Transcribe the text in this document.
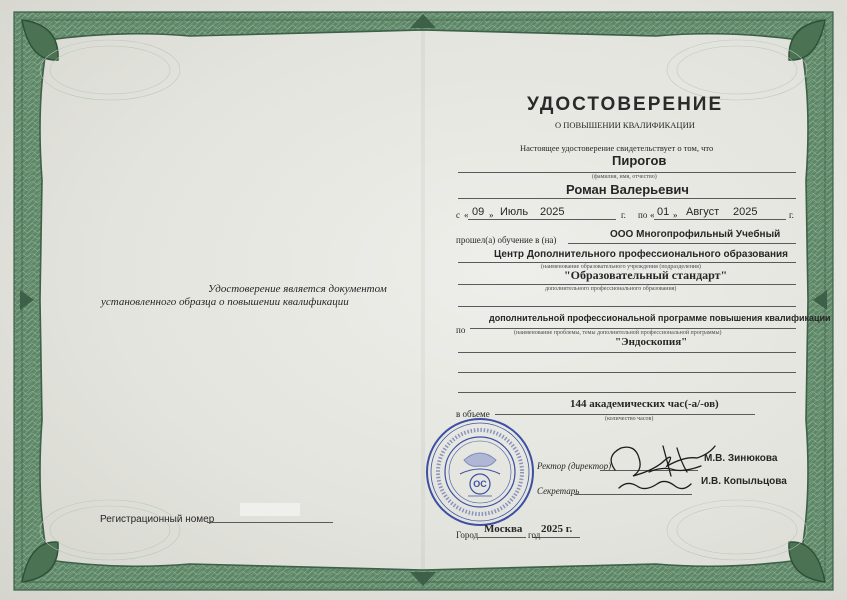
Удостоверение является документом
установленного образца о повышении квалификации
Регистрационный номер
УДОСТОВЕРЕНИЕ
О ПОВЫШЕНИИ КВАЛИФИКАЦИИ
Настоящее удостоверение свидетельствует о том, что
Пирогов
(фамилия, имя, отчество)
Роман Валерьевич
с « 09 » Июль 2025	г. по « 01 » Август 2025	г.
прошел(а) обучение в (на)	ООО Многопрофильный Учебный
Центр Дополнительного профессионального образования
(наименование образовательного учреждения (подразделения)
"Образовательный стандарт"
дополнительного профессионального образования)
по
дополнительной профессиональной программе повышения квалификации
(наименование проблемы, темы дополнительной профессиональной программы)
"Эндоскопия"
в объеме
144 академических час(-а/-ов)
(количество часов)
ОС
Ректор (директор)
М.В. Зинюкова
Секретарь
И.В. Копыльцова
Город Москва 2025 г.
год
